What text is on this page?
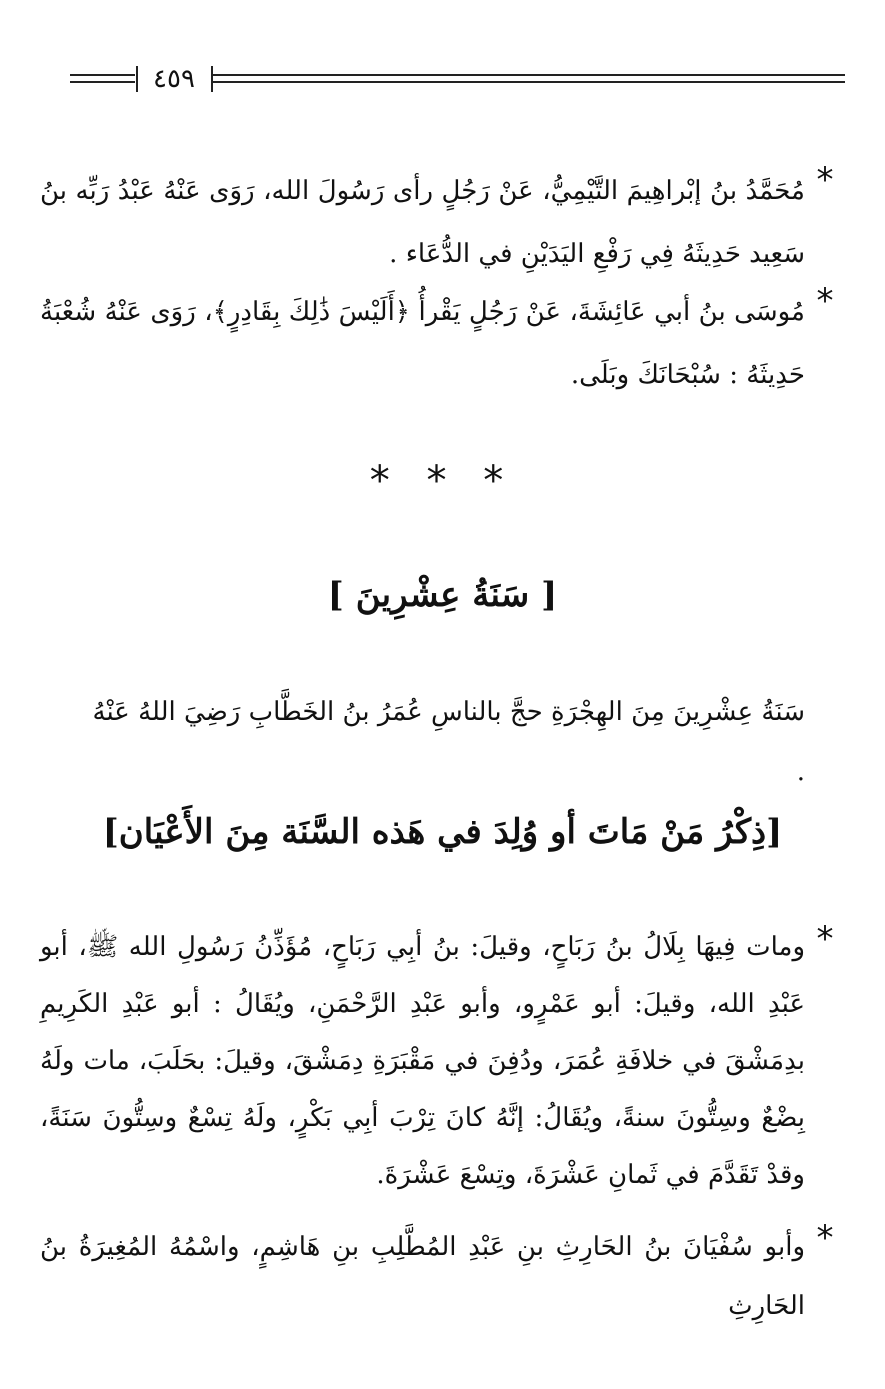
٤٥٩
*
مُحَمَّدُ بنُ إبْراهِيمَ التَّيْمِيُّ، عَنْ رَجُلٍ رأى رَسُولَ الله، رَوَى عَنْهُ عَبْدُ رَبِّه بنُ سَعِيد حَدِيثَهُ فِي رَفْعِ اليَدَيْنِ في الدُّعَاء .
*
مُوسَى بنُ أبي عَائِشَةَ، عَنْ رَجُلٍ يَقْرأُ ﴿أَلَيْسَ ذَٰلِكَ بِقَادِرٍ﴾، رَوَى عَنْهُ شُعْبَةُ حَدِيثَهُ : سُبْحَانَكَ وبَلَى.
* * *
[ سَنَةُ عِشْرِينَ ]
سَنَةُ عِشْرِينَ مِنَ الهِجْرَةِ حجَّ بالناسِ عُمَرُ بنُ الخَطَّابِ رَضِيَ اللهُ عَنْهُ .
[ذِكْرُ مَنْ مَاتَ أو وُلِدَ في هَذه السَّنَة مِنَ الأَعْيَان]
*
ومات فِيهَا بِلَالُ بنُ رَبَاحٍ، وقيلَ: بنُ أبِي رَبَاحٍ، مُؤَذِّنُ رَسُولِ الله ﷺ، أبو عَبْدِ الله، وقيلَ: أبو عَمْرٍو، وأبو عَبْدِ الرَّحْمَنِ، ويُقَالُ : أبو عَبْدِ الكَرِيمِ بدِمَشْقَ في خلافَةِ عُمَرَ، ودُفِنَ في مَقْبَرَةِ دِمَشْقَ، وقيلَ: بحَلَبَ، مات ولَهُ بِضْعٌ وسِتُّونَ سنةً، ويُقَالُ: إنَّهُ كانَ تِرْبَ أبِي بَكْرٍ، ولَهُ تِسْعٌ وسِتُّونَ سَنَةً، وقدْ تَقَدَّمَ في ثَمانِ عَشْرَةَ، وتِسْعَ عَشْرَةَ.
*
وأبو سُفْيَانَ بنُ الحَارِثِ بنِ عَبْدِ المُطَّلِبِ بنِ هَاشِمٍ، واسْمُهُ المُغِيرَةُ بنُ الحَارِثِ
